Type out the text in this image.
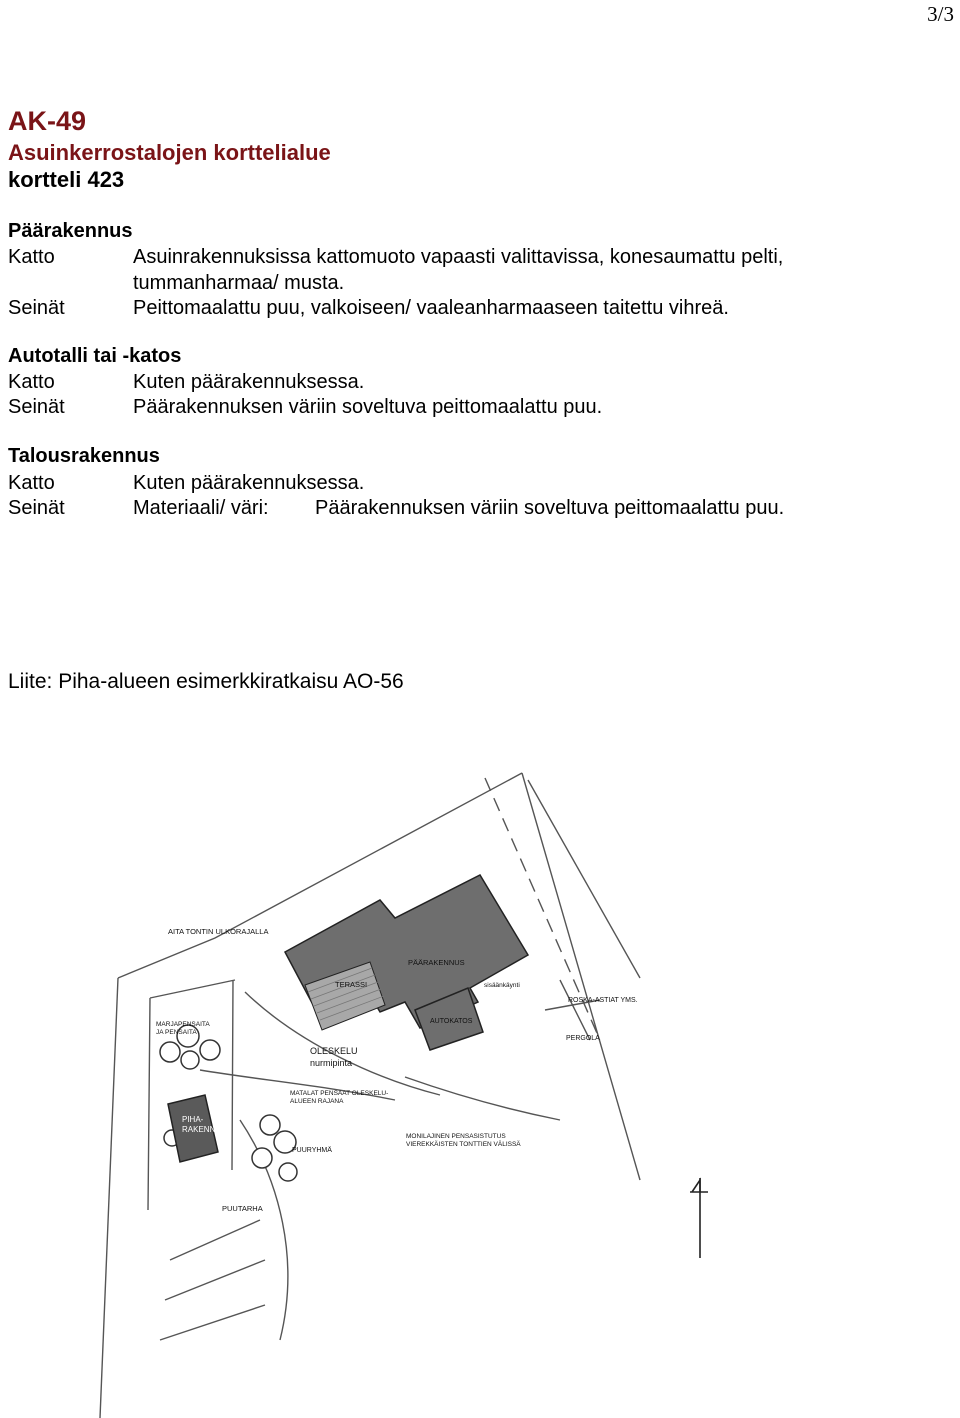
3/3
AK-49
Asuinkerrostalojen korttelialue
kortteli 423
Päärakennus
Katto	Asuinrakennuksissa kattomuoto vapaasti valittavissa, konesaumattu pelti,
tummanharmaa/ musta.
Seinät	Peittomaalattu puu, valkoiseen/ vaaleanharmaaseen taitettu vihreä.
Autotalli tai -katos
Katto	Kuten päärakennuksessa.
Seinät	Päärakennuksen väriin soveltuva peittomaalattu puu.
Talousrakennus
Katto	Kuten päärakennuksessa.
Seinät	Materiaali/ väri: Päärakennuksen väriin soveltuva peittomaalattu puu.
Liite: Piha-alueen esimerkkiratkaisu AO-56
AITA TONTIN ULKORAJALLA
PÄÄRAKENNUS
TERASSI	sisäänkäynti
ROSKA-ASTIAT YMS.
AUTOKATOS
PERGOLA
MARJAPENSAITA
JA PENSAITA
OLESKELU
nurmipinta
MATALAT PENSAAT OLESKELU-
ALUEEN RAJANA
PIHA-
RAKENNUS
PUURYHMÄ
MONILAJINEN PENSASISTUTUS
VIEREKKÄISTEN TONTTIEN VÄLISSÄ
PUUTARHA
